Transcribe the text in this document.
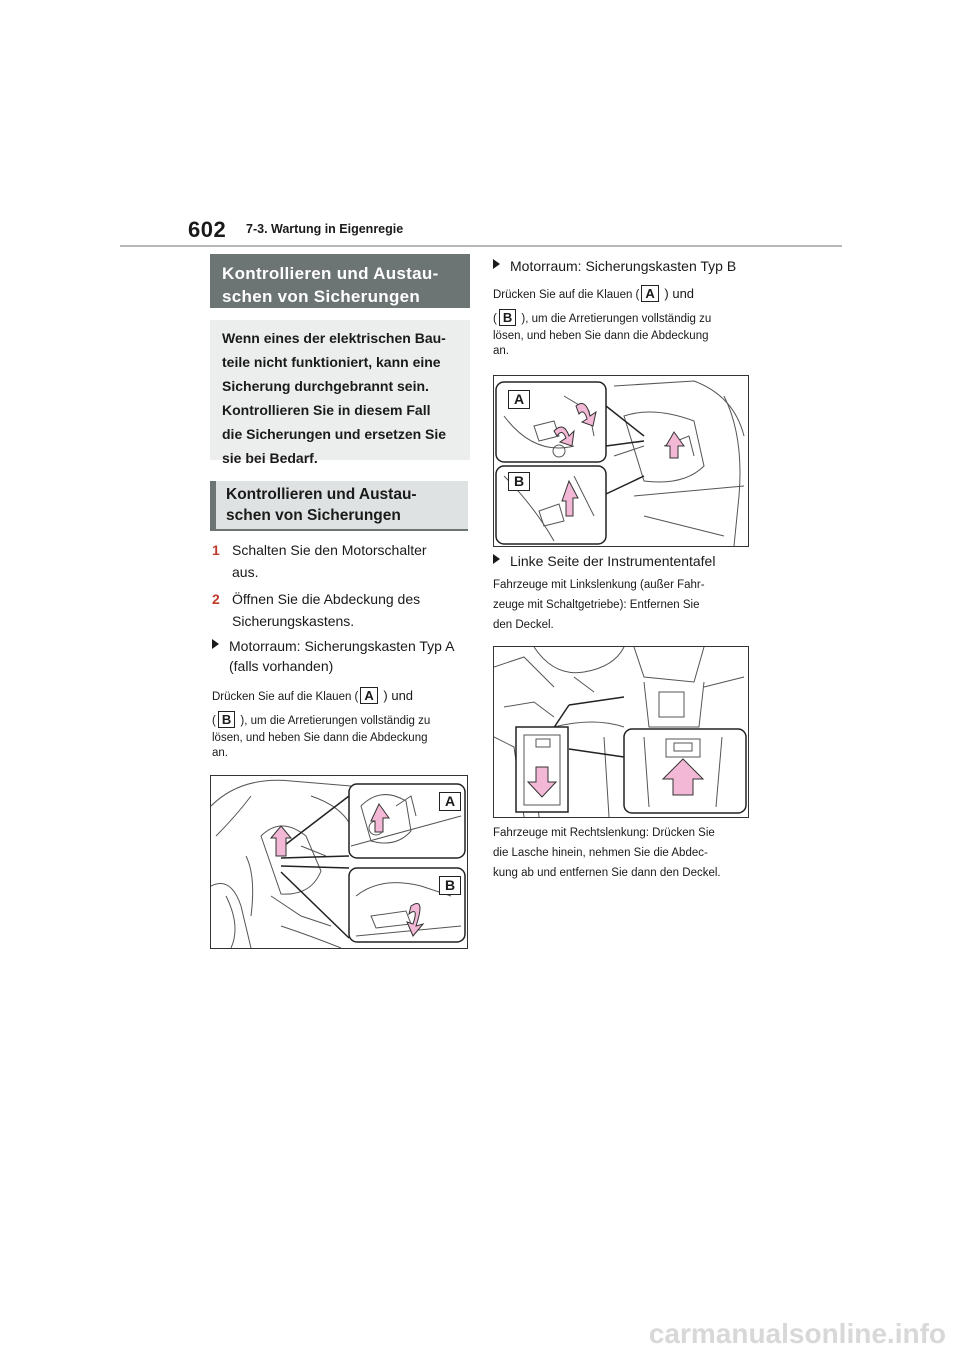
602 7-3. Wartung in Eigenregie
Kontrollieren und Austau-
schen von Sicherungen
Wenn eines der elektrischen Bau-
teile nicht funktioniert, kann eine
Sicherung durchgebrannt sein.
Kontrollieren Sie in diesem Fall
die Sicherungen und ersetzen Sie
sie bei Bedarf.
Kontrollieren und Austau-
schen von Sicherungen
1 Schalten Sie den Motorschalter
aus.
2 Öffnen Sie die Abdeckung des
Sicherungskastens.
Motorraum: Sicherungskasten Typ A
(falls vorhanden)
Drücken Sie auf die Klauen ( A ) und
( B ), um die Arretierungen vollständig zu
lösen, und heben Sie dann die Abdeckung
an.
A
B
Motorraum: Sicherungskasten Typ B
Drücken Sie auf die Klauen ( A ) und
( B ), um die Arretierungen vollständig zu
lösen, und heben Sie dann die Abdeckung
an.
A
B
Linke Seite der Instrumententafel
Fahrzeuge mit Linkslenkung (außer Fahr-
zeuge mit Schaltgetriebe): Entfernen Sie
den Deckel.
Fahrzeuge mit Rechtslenkung: Drücken Sie
die Lasche hinein, nehmen Sie die Abdec-
kung ab und entfernen Sie dann den Deckel.
carmanualsonline.info
